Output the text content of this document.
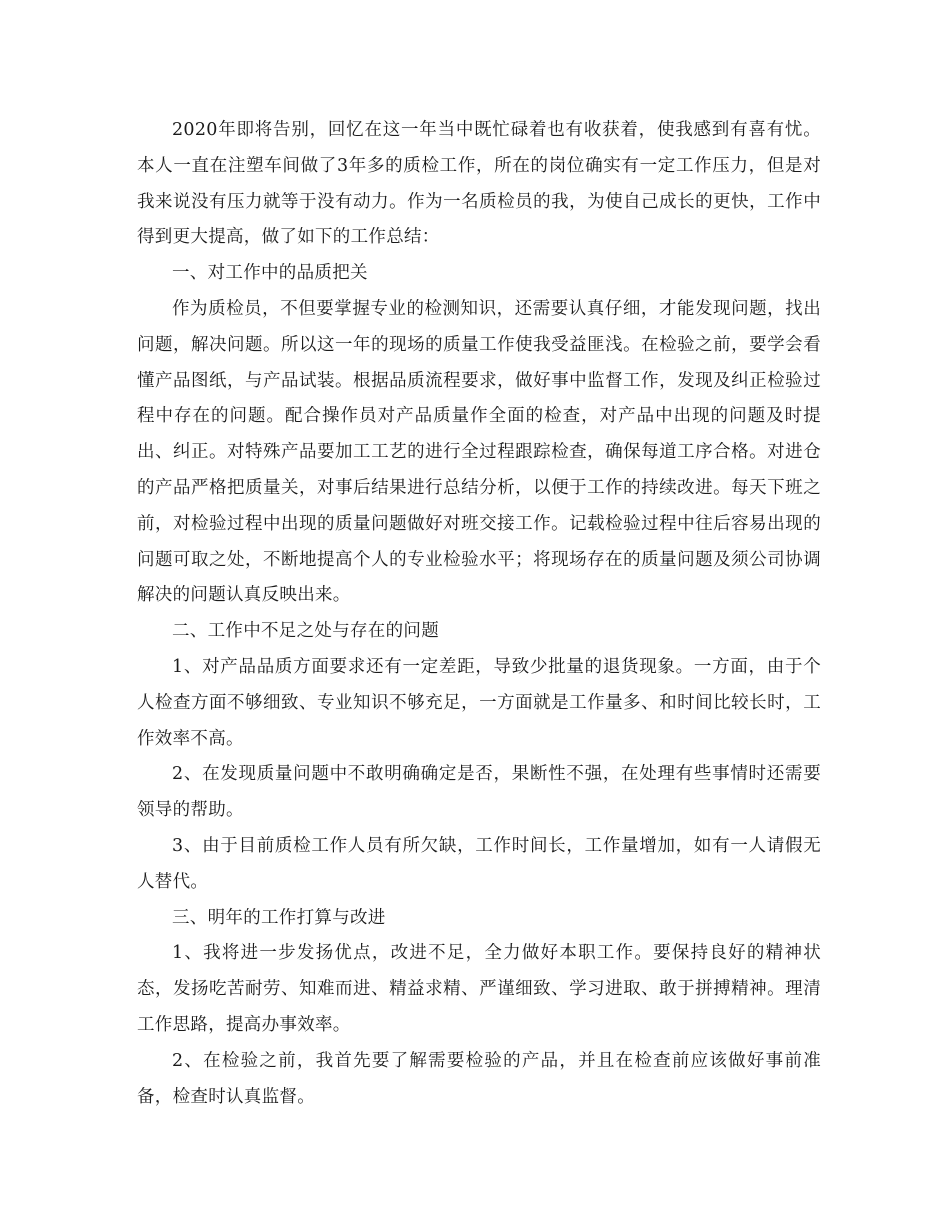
2020年即将告别，回忆在这一年当中既忙碌着也有收获着，使我感到有喜有忧。本人一直在注塑车间做了3年多的质检工作，所在的岗位确实有一定工作压力，但是对我来说没有压力就等于没有动力。作为一名质检员的我，为使自己成长的更快，工作中得到更大提高，做了如下的工作总结：

一、对工作中的品质把关

作为质检员，不但要掌握专业的检测知识，还需要认真仔细，才能发现问题，找出问题，解决问题。所以这一年的现场的质量工作使我受益匪浅。在检验之前，要学会看懂产品图纸，与产品试装。根据品质流程要求，做好事中监督工作，发现及纠正检验过程中存在的问题。配合操作员对产品质量作全面的检查，对产品中出现的问题及时提出、纠正。对特殊产品要加工工艺的进行全过程跟踪检查，确保每道工序合格。对进仓的产品严格把质量关，对事后结果进行总结分析，以便于工作的持续改进。每天下班之前，对检验过程中出现的质量问题做好对班交接工作。记载检验过程中往后容易出现的问题可取之处，不断地提高个人的专业检验水平；将现场存在的质量问题及须公司协调解决的问题认真反映出来。

二、工作中不足之处与存在的问题

1、对产品品质方面要求还有一定差距，导致少批量的退货现象。一方面，由于个人检查方面不够细致、专业知识不够充足，一方面就是工作量多、和时间比较长时，工作效率不高。

2、在发现质量问题中不敢明确确定是否，果断性不强，在处理有些事情时还需要领导的帮助。

3、由于目前质检工作人员有所欠缺，工作时间长，工作量增加，如有一人请假无人替代。

三、明年的工作打算与改进

1、我将进一步发扬优点，改进不足，全力做好本职工作。要保持良好的精神状态，发扬吃苦耐劳、知难而进、精益求精、严谨细致、学习进取、敢于拼搏精神。理清工作思路，提高办事效率。

2、在检验之前，我首先要了解需要检验的产品，并且在检查前应该做好事前准备，检查时认真监督。
